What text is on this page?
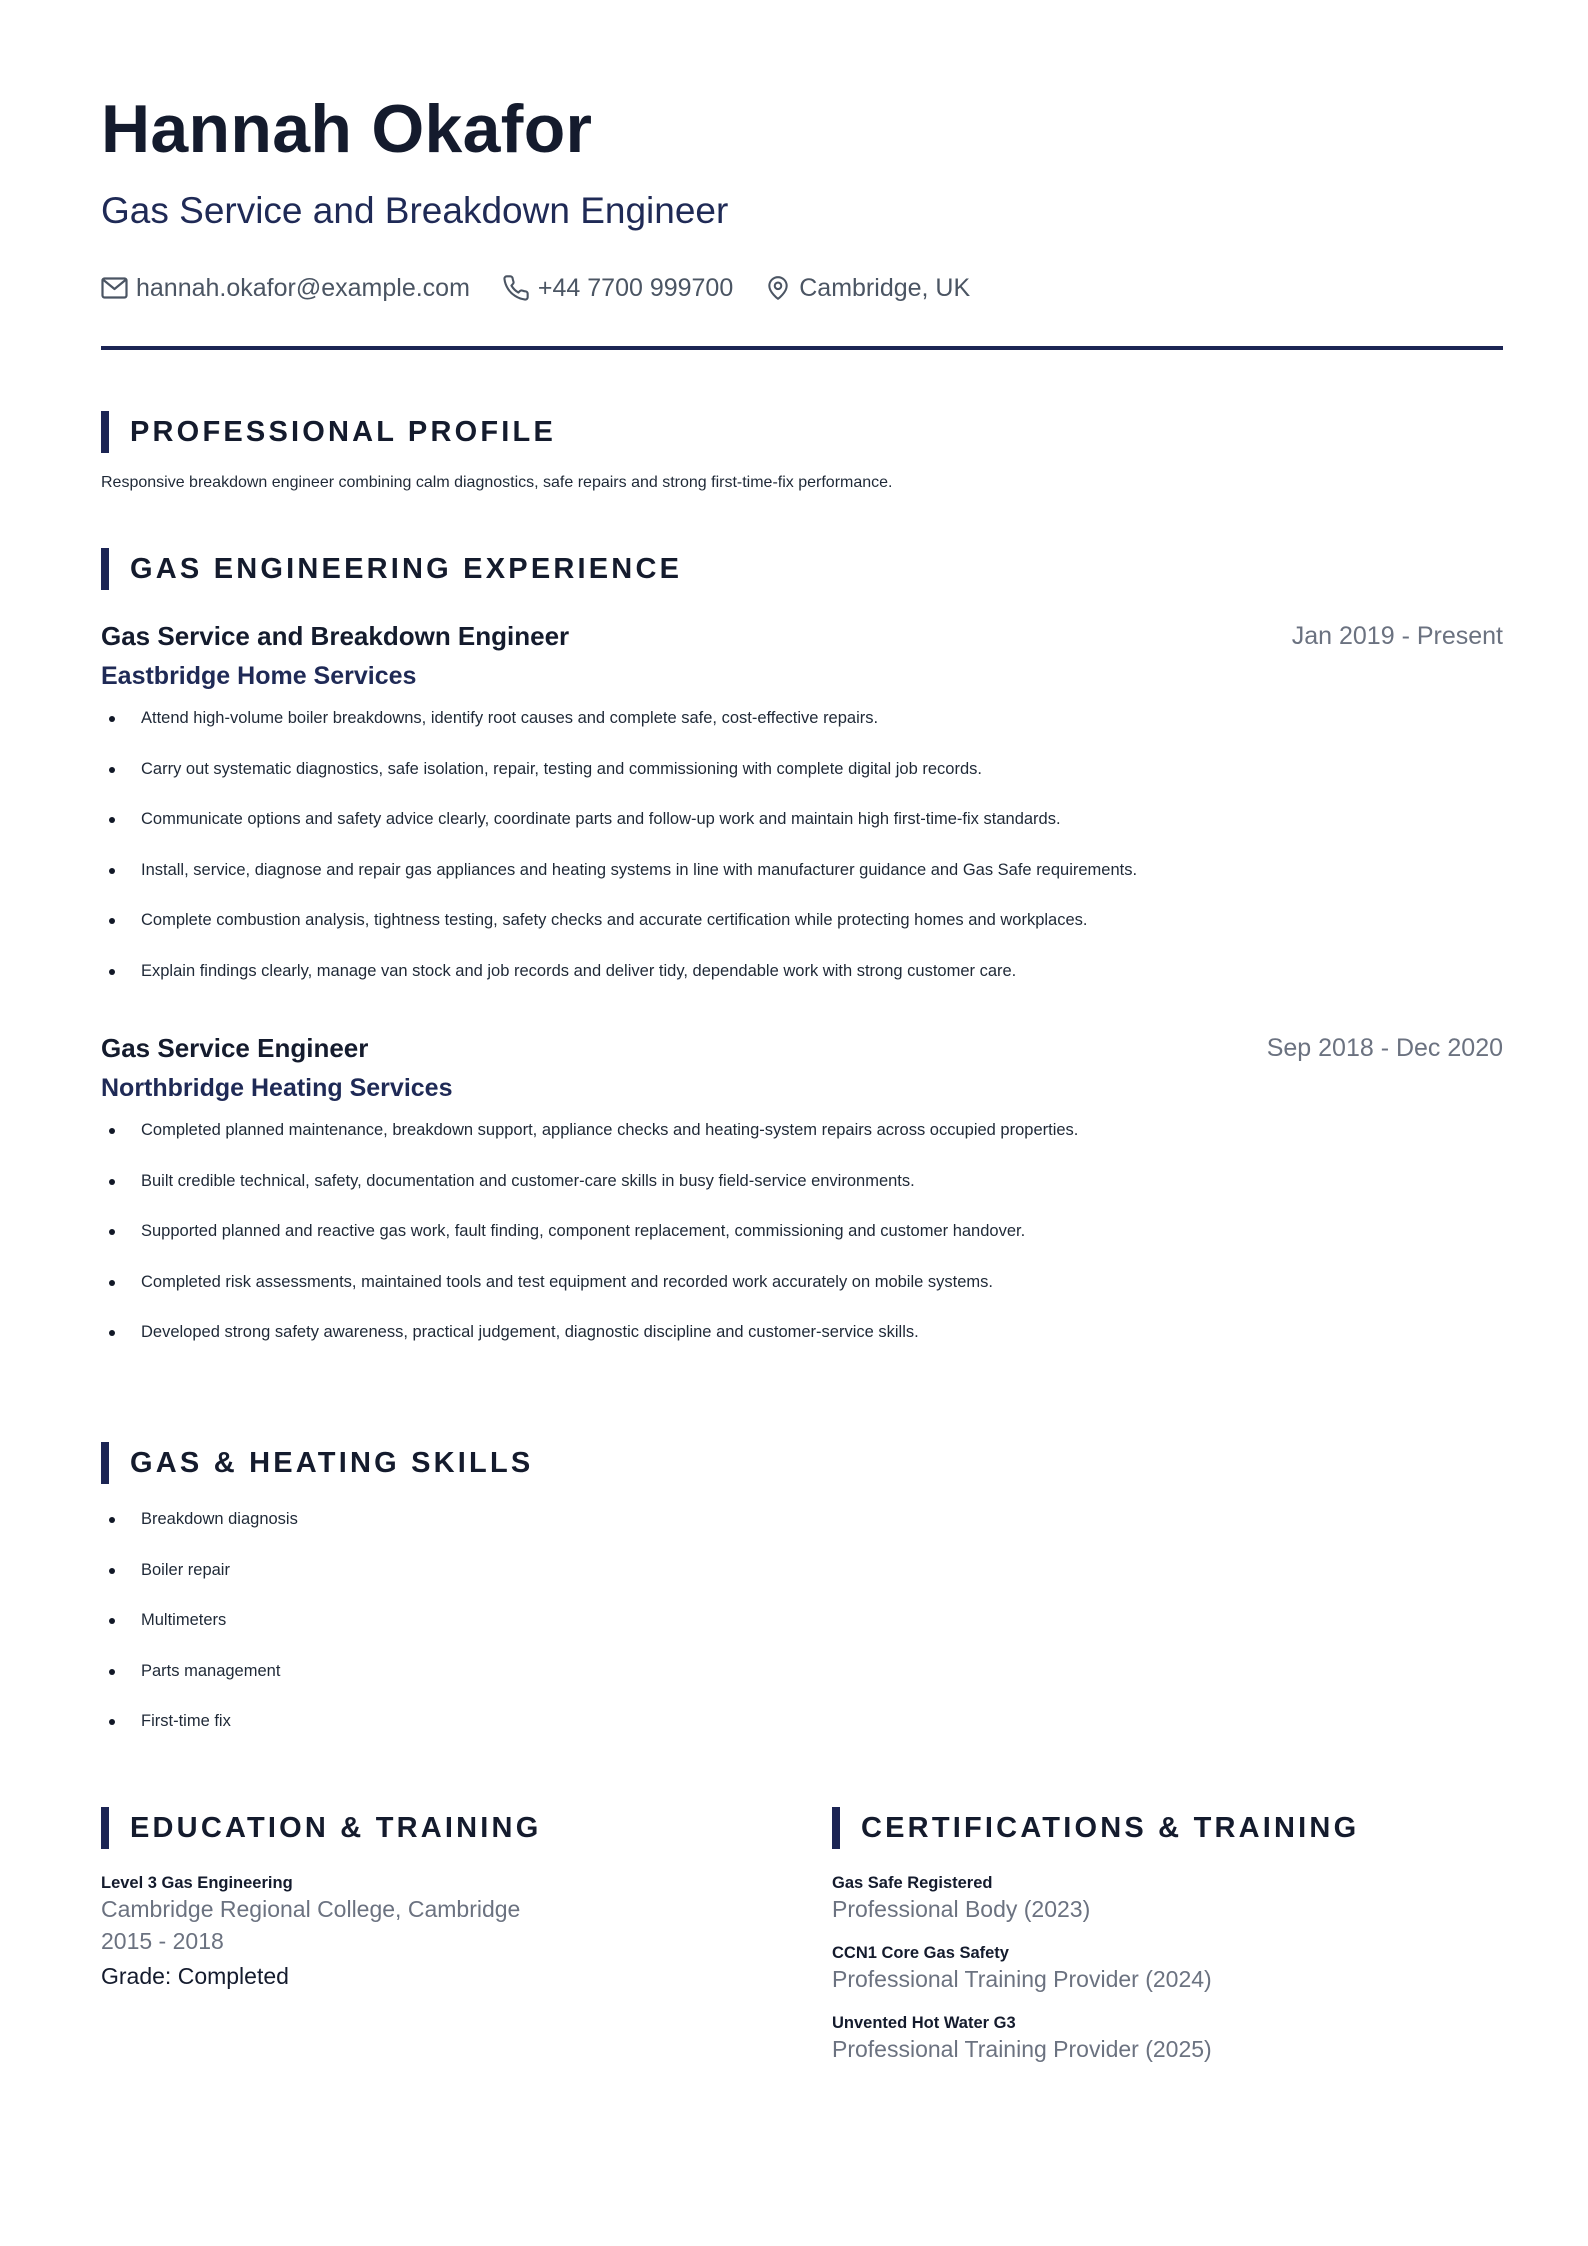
Hannah Okafor
Gas Service and Breakdown Engineer
hannah.okafor@example.com	+44 7700 999700	Cambridge, UK
PROFESSIONAL PROFILE
Responsive breakdown engineer combining calm diagnostics, safe repairs and strong first-time-fix performance.
GAS ENGINEERING EXPERIENCE
Gas Service and Breakdown Engineer	Jan 2019 - Present
Eastbridge Home Services
Attend high-volume boiler breakdowns, identify root causes and complete safe, cost-effective repairs.
Carry out systematic diagnostics, safe isolation, repair, testing and commissioning with complete digital job records.
Communicate options and safety advice clearly, coordinate parts and follow-up work and maintain high first-time-fix standards.
Install, service, diagnose and repair gas appliances and heating systems in line with manufacturer guidance and Gas Safe requirements.
Complete combustion analysis, tightness testing, safety checks and accurate certification while protecting homes and workplaces.
Explain findings clearly, manage van stock and job records and deliver tidy, dependable work with strong customer care.
Gas Service Engineer	Sep 2018 - Dec 2020
Northbridge Heating Services
Completed planned maintenance, breakdown support, appliance checks and heating-system repairs across occupied properties.
Built credible technical, safety, documentation and customer-care skills in busy field-service environments.
Supported planned and reactive gas work, fault finding, component replacement, commissioning and customer handover.
Completed risk assessments, maintained tools and test equipment and recorded work accurately on mobile systems.
Developed strong safety awareness, practical judgement, diagnostic discipline and customer-service skills.
GAS & HEATING SKILLS
Breakdown diagnosis
Boiler repair
Multimeters
Parts management
First-time fix
EDUCATION & TRAINING
Level 3 Gas Engineering
Cambridge Regional College, Cambridge
2015 - 2018
Grade: Completed
CERTIFICATIONS & TRAINING
Gas Safe Registered
Professional Body (2023)
CCN1 Core Gas Safety
Professional Training Provider (2024)
Unvented Hot Water G3
Professional Training Provider (2025)
